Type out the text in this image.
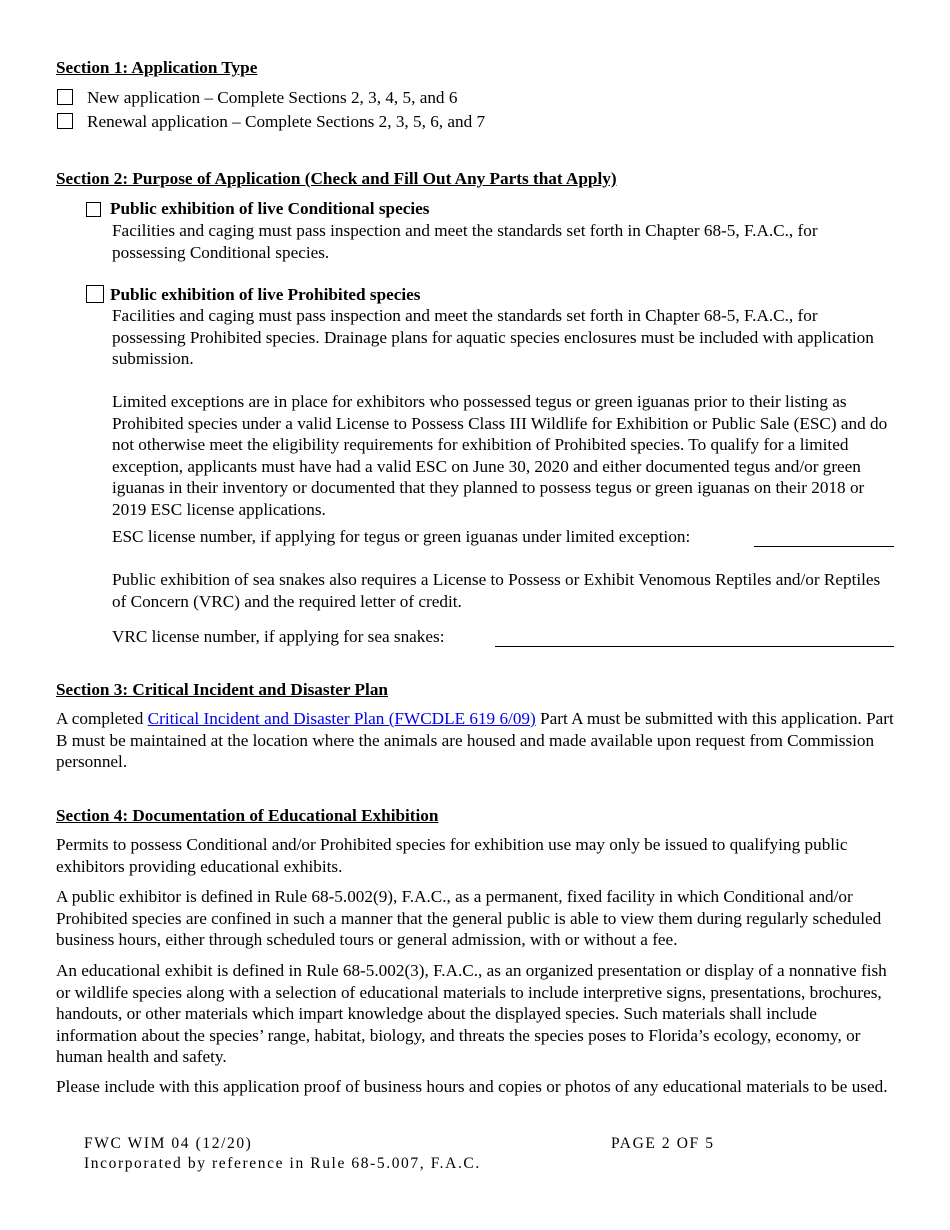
Section 1: Application Type
New application – Complete Sections 2, 3, 4, 5, and 6
Renewal application – Complete Sections 2, 3, 5, 6, and 7
Section 2: Purpose of Application (Check and Fill Out Any Parts that Apply)
Public exhibition of live Conditional species
Facilities and caging must pass inspection and meet the standards set forth in Chapter 68-5, F.A.C., for possessing Conditional species.
Public exhibition of live Prohibited species
Facilities and caging must pass inspection and meet the standards set forth in Chapter 68-5, F.A.C., for possessing Prohibited species. Drainage plans for aquatic species enclosures must be included with application submission.
Limited exceptions are in place for exhibitors who possessed tegus or green iguanas prior to their listing as Prohibited species under a valid License to Possess Class III Wildlife for Exhibition or Public Sale (ESC) and do not otherwise meet the eligibility requirements for exhibition of Prohibited species. To qualify for a limited exception, applicants must have had a valid ESC on June 30, 2020 and either documented tegus and/or green iguanas in their inventory or documented that they planned to possess tegus or green iguanas on their 2018 or 2019 ESC license applications.
ESC license number, if applying for tegus or green iguanas under limited exception:
Public exhibition of sea snakes also requires a License to Possess or Exhibit Venomous Reptiles and/or Reptiles of Concern (VRC) and the required letter of credit.
VRC license number, if applying for sea snakes:
Section 3: Critical Incident and Disaster Plan
A completed Critical Incident and Disaster Plan (FWCDLE 619 6/09) Part A must be submitted with this application. Part B must be maintained at the location where the animals are housed and made available upon request from Commission personnel.
Section 4: Documentation of Educational Exhibition
Permits to possess Conditional and/or Prohibited species for exhibition use may only be issued to qualifying public exhibitors providing educational exhibits.
A public exhibitor is defined in Rule 68-5.002(9), F.A.C., as a permanent, fixed facility in which Conditional and/or Prohibited species are confined in such a manner that the general public is able to view them during regularly scheduled business hours, either through scheduled tours or general admission, with or without a fee.
An educational exhibit is defined in Rule 68-5.002(3), F.A.C., as an organized presentation or display of a nonnative fish or wildlife species along with a selection of educational materials to include interpretive signs, presentations, brochures, handouts, or other materials which impart knowledge about the displayed species. Such materials shall include information about the species’ range, habitat, biology, and threats the species poses to Florida’s ecology, economy, or human health and safety.
Please include with this application proof of business hours and copies or photos of any educational materials to be used.
FWC WIM 04 (12/20)	PAGE 2 OF 5
Incorporated by reference in Rule 68-5.007, F.A.C.
